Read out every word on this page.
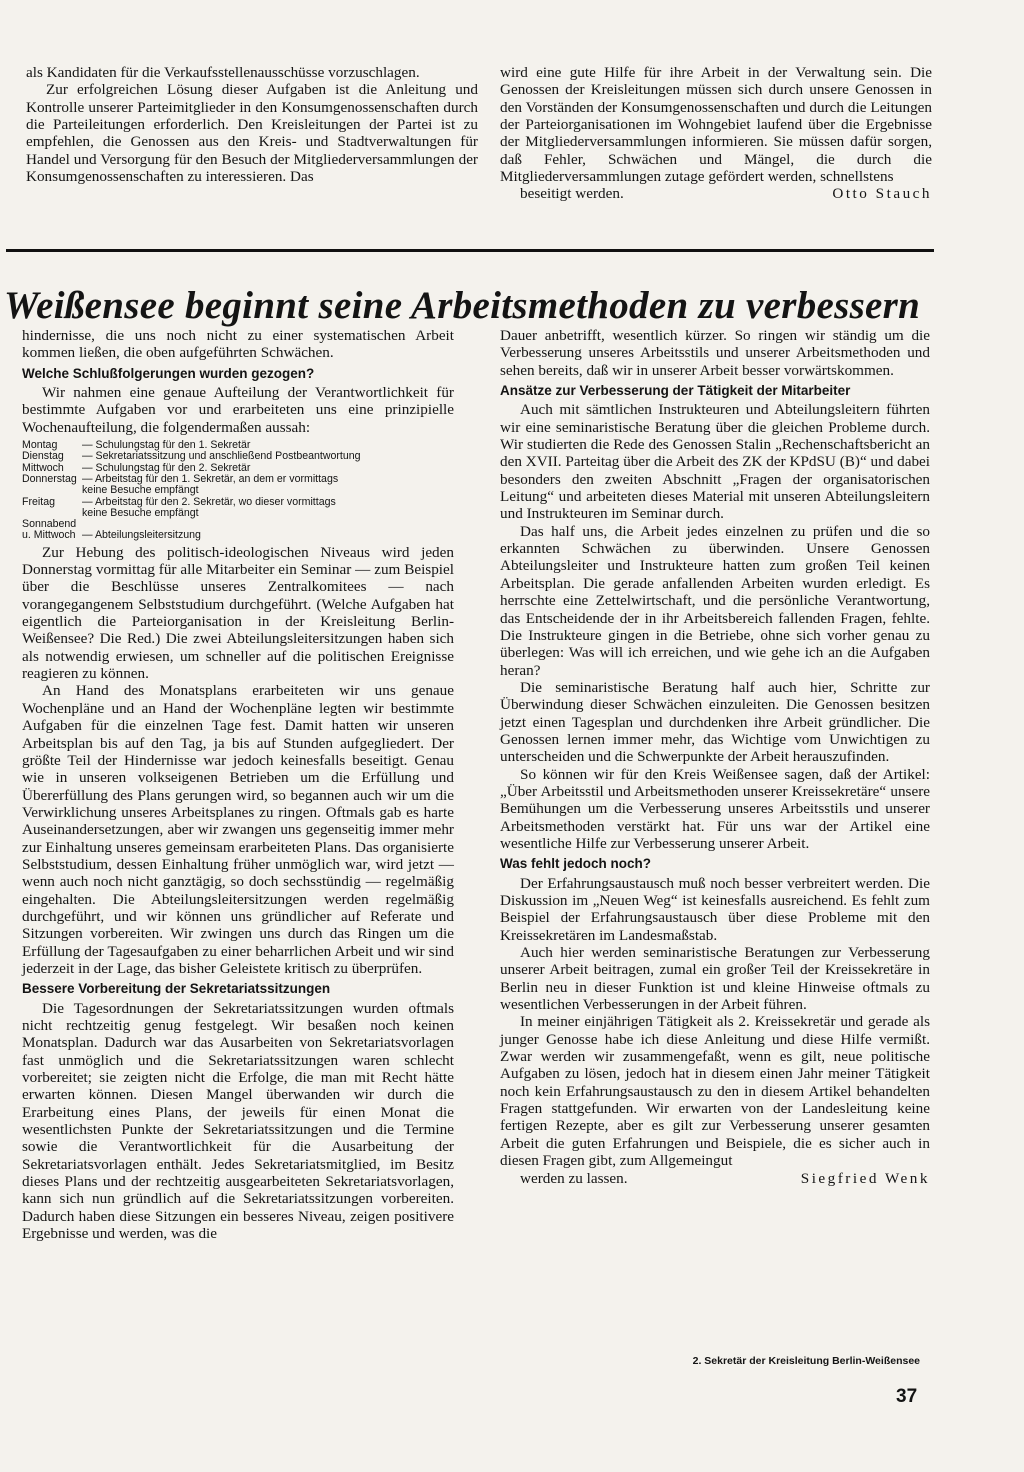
als Kandidaten für die Verkaufsstellenausschüsse vorzuschlagen.

Zur erfolgreichen Lösung dieser Aufgaben ist die Anleitung und Kontrolle unserer Parteimitglieder in den Konsumgenossenschaften durch die Parteileitungen erforderlich. Den Kreisleitungen der Partei ist zu empfehlen, die Genossen aus den Kreis- und Stadtverwaltungen für Handel und Versorgung für den Besuch der Mitgliederversammlungen der Konsumgenossenschaften zu interessieren. Das

wird eine gute Hilfe für ihre Arbeit in der Verwaltung sein. Die Genossen der Kreisleitungen müssen sich durch unsere Genossen in den Vorständen der Konsumgenossenschaften und durch die Leitungen der Parteiorganisationen im Wohngebiet laufend über die Ergebnisse der Mitgliederversammlungen informieren. Sie müssen dafür sorgen, daß Fehler, Schwächen und Mängel, die durch die Mitgliederversammlungen zutage gefördert werden, schnellstens

beseitigt werden.	Otto Stauch

Weißensee beginnt seine Arbeitsmethoden zu verbessern

hindernisse, die uns noch nicht zu einer systematischen Arbeit kommen ließen, die oben aufgeführten Schwächen.

Welche Schlußfolgerungen wurden gezogen?

Wir nahmen eine genaue Aufteilung der Verantwortlichkeit für bestimmte Aufgaben vor und erarbeiteten uns eine prinzipielle Wochenaufteilung, die folgendermaßen aussah:

Montag	— Schulungstag für den 1. Sekretär
Dienstag	— Sekretariatssitzung und anschließend Postbeantwortung
Mittwoch	— Schulungstag für den 2. Sekretär
Donnerstag — Arbeitstag für den 1. Sekretär, an dem er vormittags
keine Besuche empfängt
Freitag	— Arbeitstag für den 2. Sekretär, wo dieser vormittags
keine Besuche empfängt
Sonnabend
u. Mittwoch
— Abteilungsleitersitzung

Zur Hebung des politisch-ideologischen Niveaus wird jeden Donnerstag vormittag für alle Mitarbeiter ein Seminar — zum Beispiel über die Beschlüsse unseres Zentralkomitees — nach vorangegangenem Selbststudium durchgeführt. (Welche Aufgaben hat eigentlich die Parteiorganisation in der Kreisleitung Berlin-Weißensee? Die Red.) Die zwei Abteilungsleitersitzungen haben sich als notwendig erwiesen, um schneller auf die politischen Ereignisse reagieren zu können.

An Hand des Monatsplans erarbeiteten wir uns genaue Wochenpläne und an Hand der Wochenpläne legten wir bestimmte Aufgaben für die einzelnen Tage fest. Damit hatten wir unseren Arbeitsplan bis auf den Tag, ja bis auf Stunden aufgegliedert. Der größte Teil der Hindernisse war jedoch keinesfalls beseitigt. Genau wie in unseren volkseigenen Betrieben um die Erfüllung und Übererfüllung des Plans gerungen wird, so begannen auch wir um die Verwirklichung unseres Arbeitsplanes zu ringen. Oftmals gab es harte Auseinandersetzungen, aber wir zwangen uns gegenseitig immer mehr zur Einhaltung unseres gemeinsam erarbeiteten Plans. Das organisierte Selbststudium, dessen Einhaltung früher unmöglich war, wird jetzt — wenn auch noch nicht ganztägig, so doch sechsstündig — regelmäßig eingehalten. Die Abteilungsleitersitzungen werden regelmäßig durchgeführt, und wir können uns gründlicher auf Referate und Sitzungen vorbereiten. Wir zwingen uns durch das Ringen um die Erfüllung der Tagesaufgaben zu einer beharrlichen Arbeit und wir sind jederzeit in der Lage, das bisher Geleistete kritisch zu überprüfen.

Bessere Vorbereitung der Sekretariatssitzungen

Die Tagesordnungen der Sekretariatssitzungen wurden oftmals nicht rechtzeitig genug festgelegt. Wir besaßen noch keinen Monatsplan. Dadurch war das Ausarbeiten von Sekretariatsvorlagen fast unmöglich und die Sekretariatssitzungen waren schlecht vorbereitet; sie zeigten nicht die Erfolge, die man mit Recht hätte erwarten können. Diesen Mangel überwanden wir durch die Erarbeitung eines Plans, der jeweils für einen Monat die wesentlichsten Punkte der Sekretariatssitzungen und die Termine sowie die Verantwortlichkeit für die Ausarbeitung der Sekretariatsvorlagen enthält. Jedes Sekretariatsmitglied, im Besitz dieses Plans und der rechtzeitig ausgearbeiteten Sekretariatsvorlagen, kann sich nun gründlich auf die Sekretariatssitzungen vorbereiten. Dadurch haben diese Sitzungen ein besseres Niveau, zeigen positivere Ergebnisse und werden, was die

Dauer anbetrifft, wesentlich kürzer. So ringen wir ständig um die Verbesserung unseres Arbeitsstils und unserer Arbeitsmethoden und sehen bereits, daß wir in unserer Arbeit besser vorwärtskommen.

Ansätze zur Verbesserung der Tätigkeit der Mitarbeiter

Auch mit sämtlichen Instrukteuren und Abteilungsleitern führten wir eine seminaristische Beratung über die gleichen Probleme durch. Wir studierten die Rede des Genossen Stalin „Rechenschaftsbericht an den XVII. Parteitag über die Arbeit des ZK der KPdSU (B)“ und dabei besonders den zweiten Abschnitt „Fragen der organisatorischen Leitung“ und arbeiteten dieses Material mit unseren Abteilungsleitern und Instrukteuren im Seminar durch.

Das half uns, die Arbeit jedes einzelnen zu prüfen und die so erkannten Schwächen zu überwinden. Unsere Genossen Abteilungsleiter und Instrukteure hatten zum großen Teil keinen Arbeitsplan. Die gerade anfallenden Arbeiten wurden erledigt. Es herrschte eine Zettelwirtschaft, und die persönliche Verantwortung, das Entscheidende der in ihr Arbeitsbereich fallenden Fragen, fehlte. Die Instrukteure gingen in die Betriebe, ohne sich vorher genau zu überlegen: Was will ich erreichen, und wie gehe ich an die Aufgaben heran?

Die seminaristische Beratung half auch hier, Schritte zur Überwindung dieser Schwächen einzuleiten. Die Genossen besitzen jetzt einen Tagesplan und durchdenken ihre Arbeit gründlicher. Die Genossen lernen immer mehr, das Wichtige vom Unwichtigen zu unterscheiden und die Schwerpunkte der Arbeit herauszufinden.

So können wir für den Kreis Weißensee sagen, daß der Artikel: „Über Arbeitsstil und Arbeitsmethoden unserer Kreissekretäre“ unsere Bemühungen um die Verbesserung unseres Arbeitsstils und unserer Arbeitsmethoden verstärkt hat. Für uns war der Artikel eine wesentliche Hilfe zur Verbesserung unserer Arbeit.

Was fehlt jedoch noch?

Der Erfahrungsaustausch muß noch besser verbreitert werden. Die Diskussion im „Neuen Weg“ ist keinesfalls ausreichend. Es fehlt zum Beispiel der Erfahrungsaustausch über diese Probleme mit den Kreissekretären im Landesmaßstab.

Auch hier werden seminaristische Beratungen zur Verbesserung unserer Arbeit beitragen, zumal ein großer Teil der Kreissekretäre in Berlin neu in dieser Funktion ist und kleine Hinweise oftmals zu wesentlichen Verbesserungen in der Arbeit führen.

In meiner einjährigen Tätigkeit als 2. Kreissekretär und gerade als junger Genosse habe ich diese Anleitung und diese Hilfe vermißt. Zwar werden wir zusammengefaßt, wenn es gilt, neue politische Aufgaben zu lösen, jedoch hat in diesem einen Jahr meiner Tätigkeit noch kein Erfahrungsaustausch zu den in diesem Artikel behandelten Fragen stattgefunden. Wir erwarten von der Landesleitung keine fertigen Rezepte, aber es gilt zur Verbesserung unserer gesamten Arbeit die guten Erfahrungen und Beispiele, die es sicher auch in diesen Fragen gibt, zum Allgemeingut

werden zu lassen.	Siegfried Wenk

2. Sekretär der Kreisleitung Berlin-Weißensee
37
